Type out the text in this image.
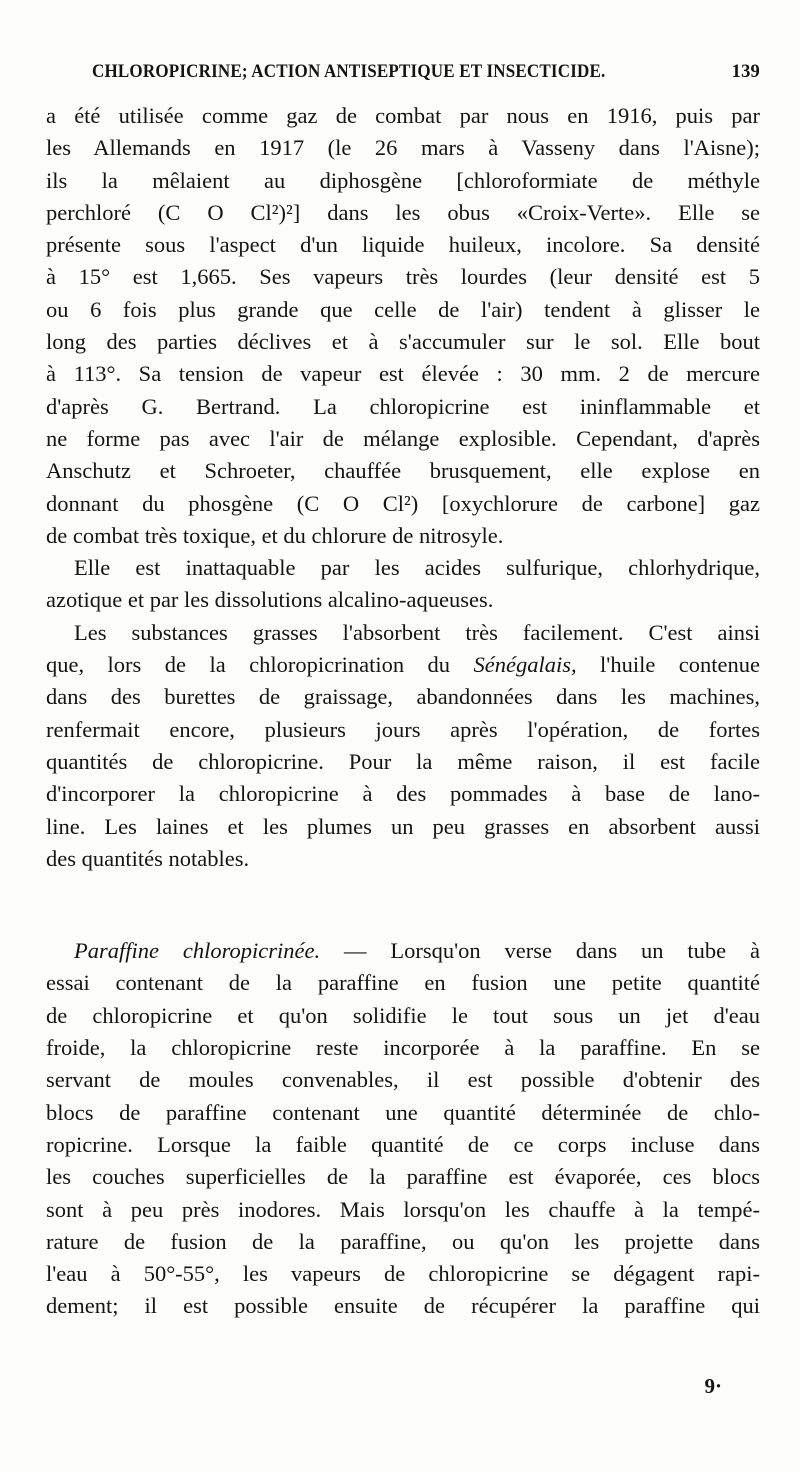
CHLOROPICRINE; ACTION ANTISEPTIQUE ET INSECTICIDE.	139
a été utilisée comme gaz de combat par nous en 1916, puis par
les Allemands en 1917 (le 26 mars à Vasseny dans l'Aisne);
ils la mêlaient au diphosgène [chloroformiate de méthyle
perchloré (C O Cl²)²] dans les obus «Croix-Verte». Elle se
présente sous l'aspect d'un liquide huileux, incolore. Sa densité
à 15° est 1,665. Ses vapeurs très lourdes (leur densité est 5
ou 6 fois plus grande que celle de l'air) tendent à glisser le
long des parties déclives et à s'accumuler sur le sol. Elle bout
à 113°. Sa tension de vapeur est élevée : 30 mm. 2 de mercure
d'après G. Bertrand. La chloropicrine est ininflammable et
ne forme pas avec l'air de mélange explosible. Cependant, d'après
Anschutz et Schroeter, chauffée brusquement, elle explose en
donnant du phosgène (C O Cl²) [oxychlorure de carbone] gaz
de combat très toxique, et du chlorure de nitrosyle.
Elle est inattaquable par les acides sulfurique, chlorhydrique,
azotique et par les dissolutions alcalino-aqueuses.
Les substances grasses l'absorbent très facilement. C'est ainsi
que, lors de la chloropicrination du Sénégalais, l'huile contenue
dans des burettes de graissage, abandonnées dans les machines,
renfermait encore, plusieurs jours après l'opération, de fortes
quantités de chloropicrine. Pour la même raison, il est facile
d'incorporer la chloropicrine à des pommades à base de lano-
line. Les laines et les plumes un peu grasses en absorbent aussi
des quantités notables.
Paraffine chloropicrinée. — Lorsqu'on verse dans un tube à
essai contenant de la paraffine en fusion une petite quantité
de chloropicrine et qu'on solidifie le tout sous un jet d'eau
froide, la chloropicrine reste incorporée à la paraffine. En se
servant de moules convenables, il est possible d'obtenir des
blocs de paraffine contenant une quantité déterminée de chlo-
ropicrine. Lorsque la faible quantité de ce corps incluse dans
les couches superficielles de la paraffine est évaporée, ces blocs
sont à peu près inodores. Mais lorsqu'on les chauffe à la tempé-
rature de fusion de la paraffine, ou qu'on les projette dans
l'eau à 50°-55°, les vapeurs de chloropicrine se dégagent rapi-
dement; il est possible ensuite de récupérer la paraffine qui
9·
